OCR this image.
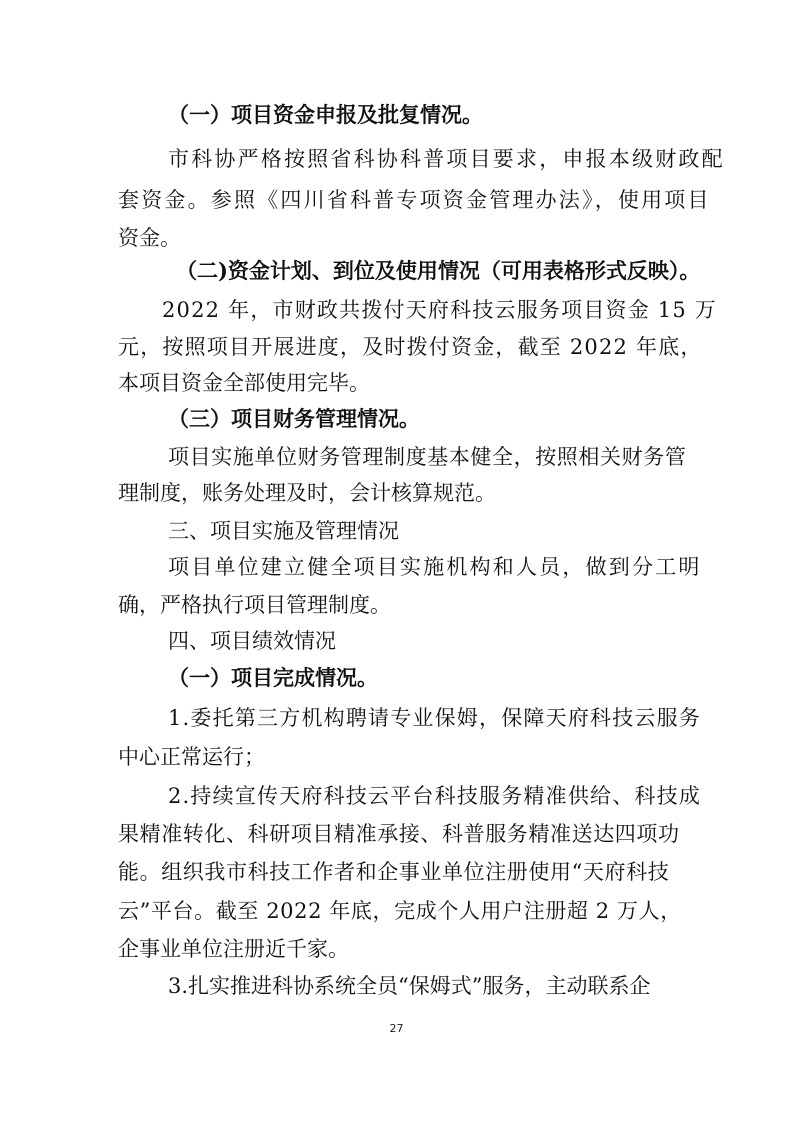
（一）项目资金申报及批复情况。
市科协严格按照省科协科普项目要求，申报本级财政配
套资金。参照《四川省科普专项资金管理办法》，使用项目
资金。
（二)资金计划、到位及使用情况（可用表格形式反映）。
2022 年，市财政共拨付天府科技云服务项目资金 15 万
元，按照项目开展进度，及时拨付资金，截至 2022 年底，
本项目资金全部使用完毕。
（三）项目财务管理情况。
项目实施单位财务管理制度基本健全，按照相关财务管
理制度，账务处理及时，会计核算规范。
三、项目实施及管理情况
项目单位建立健全项目实施机构和人员，做到分工明
确，严格执行项目管理制度。
四、项目绩效情况
（一）项目完成情况。
1.委托第三方机构聘请专业保姆，保障天府科技云服务
中心正常运行；
2.持续宣传天府科技云平台科技服务精准供给、科技成
果精准转化、科研项目精准承接、科普服务精准送达四项功
能。组织我市科技工作者和企事业单位注册使用“天府科技
云”平台。截至 2022 年底，完成个人用户注册超 2 万人，
企事业单位注册近千家。
3.扎实推进科协系统全员“保姆式”服务，主动联系企
27
